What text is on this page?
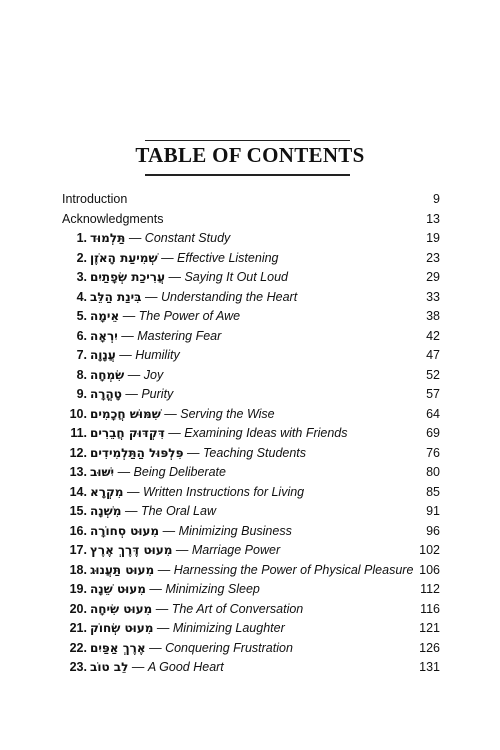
TABLE OF CONTENTS
Introduction	9
Acknowledgments	13
1. תַּלְמוּד — Constant Study	19
2. שְׁמִיעַת הָאֹזֶן — Effective Listening	23
3. עֲרִיכַת שְׂפָתַיִם — Saying It Out Loud	29
4. בִּינַת הַלֵּב — Understanding the Heart	33
5. אֵימָה — The Power of Awe	38
6. יִרְאָה — Mastering Fear	42
7. עֲנָוָה — Humility	47
8. שִׂמְחָה — Joy	52
9. טָהֳרָה — Purity	57
10. שִׁמּוּשׁ חֲכָמִים — Serving the Wise	64
11. דִּקְדּוּק חֲבֵרִים — Examining Ideas with Friends	69
12. פִּלְפּוּל הַתַּלְמִידִים — Teaching Students	76
13. יִשּׁוּב — Being Deliberate	80
14. מִקְרָא — Written Instructions for Living	85
15. מִשְׁנָה — The Oral Law	91
16. מִעוּט סְחוֹרָה — Minimizing Business	96
17. מִעוּט דֶּרֶךְ אֶרֶץ — Marriage Power	102
18. מִעוּט תַּעֲנוּג — Harnessing the Power of Physical Pleasure 106
19. מִעוּט שֵׁנָה — Minimizing Sleep	112
20. מִעוּט שִׂיחָה — The Art of Conversation	116
21. מִעוּט שְׂחוֹק — Minimizing Laughter	121
22. אֶרֶךְ אַפַּיִם — Conquering Frustration	126
23. לֵב טוֹב — A Good Heart	131
